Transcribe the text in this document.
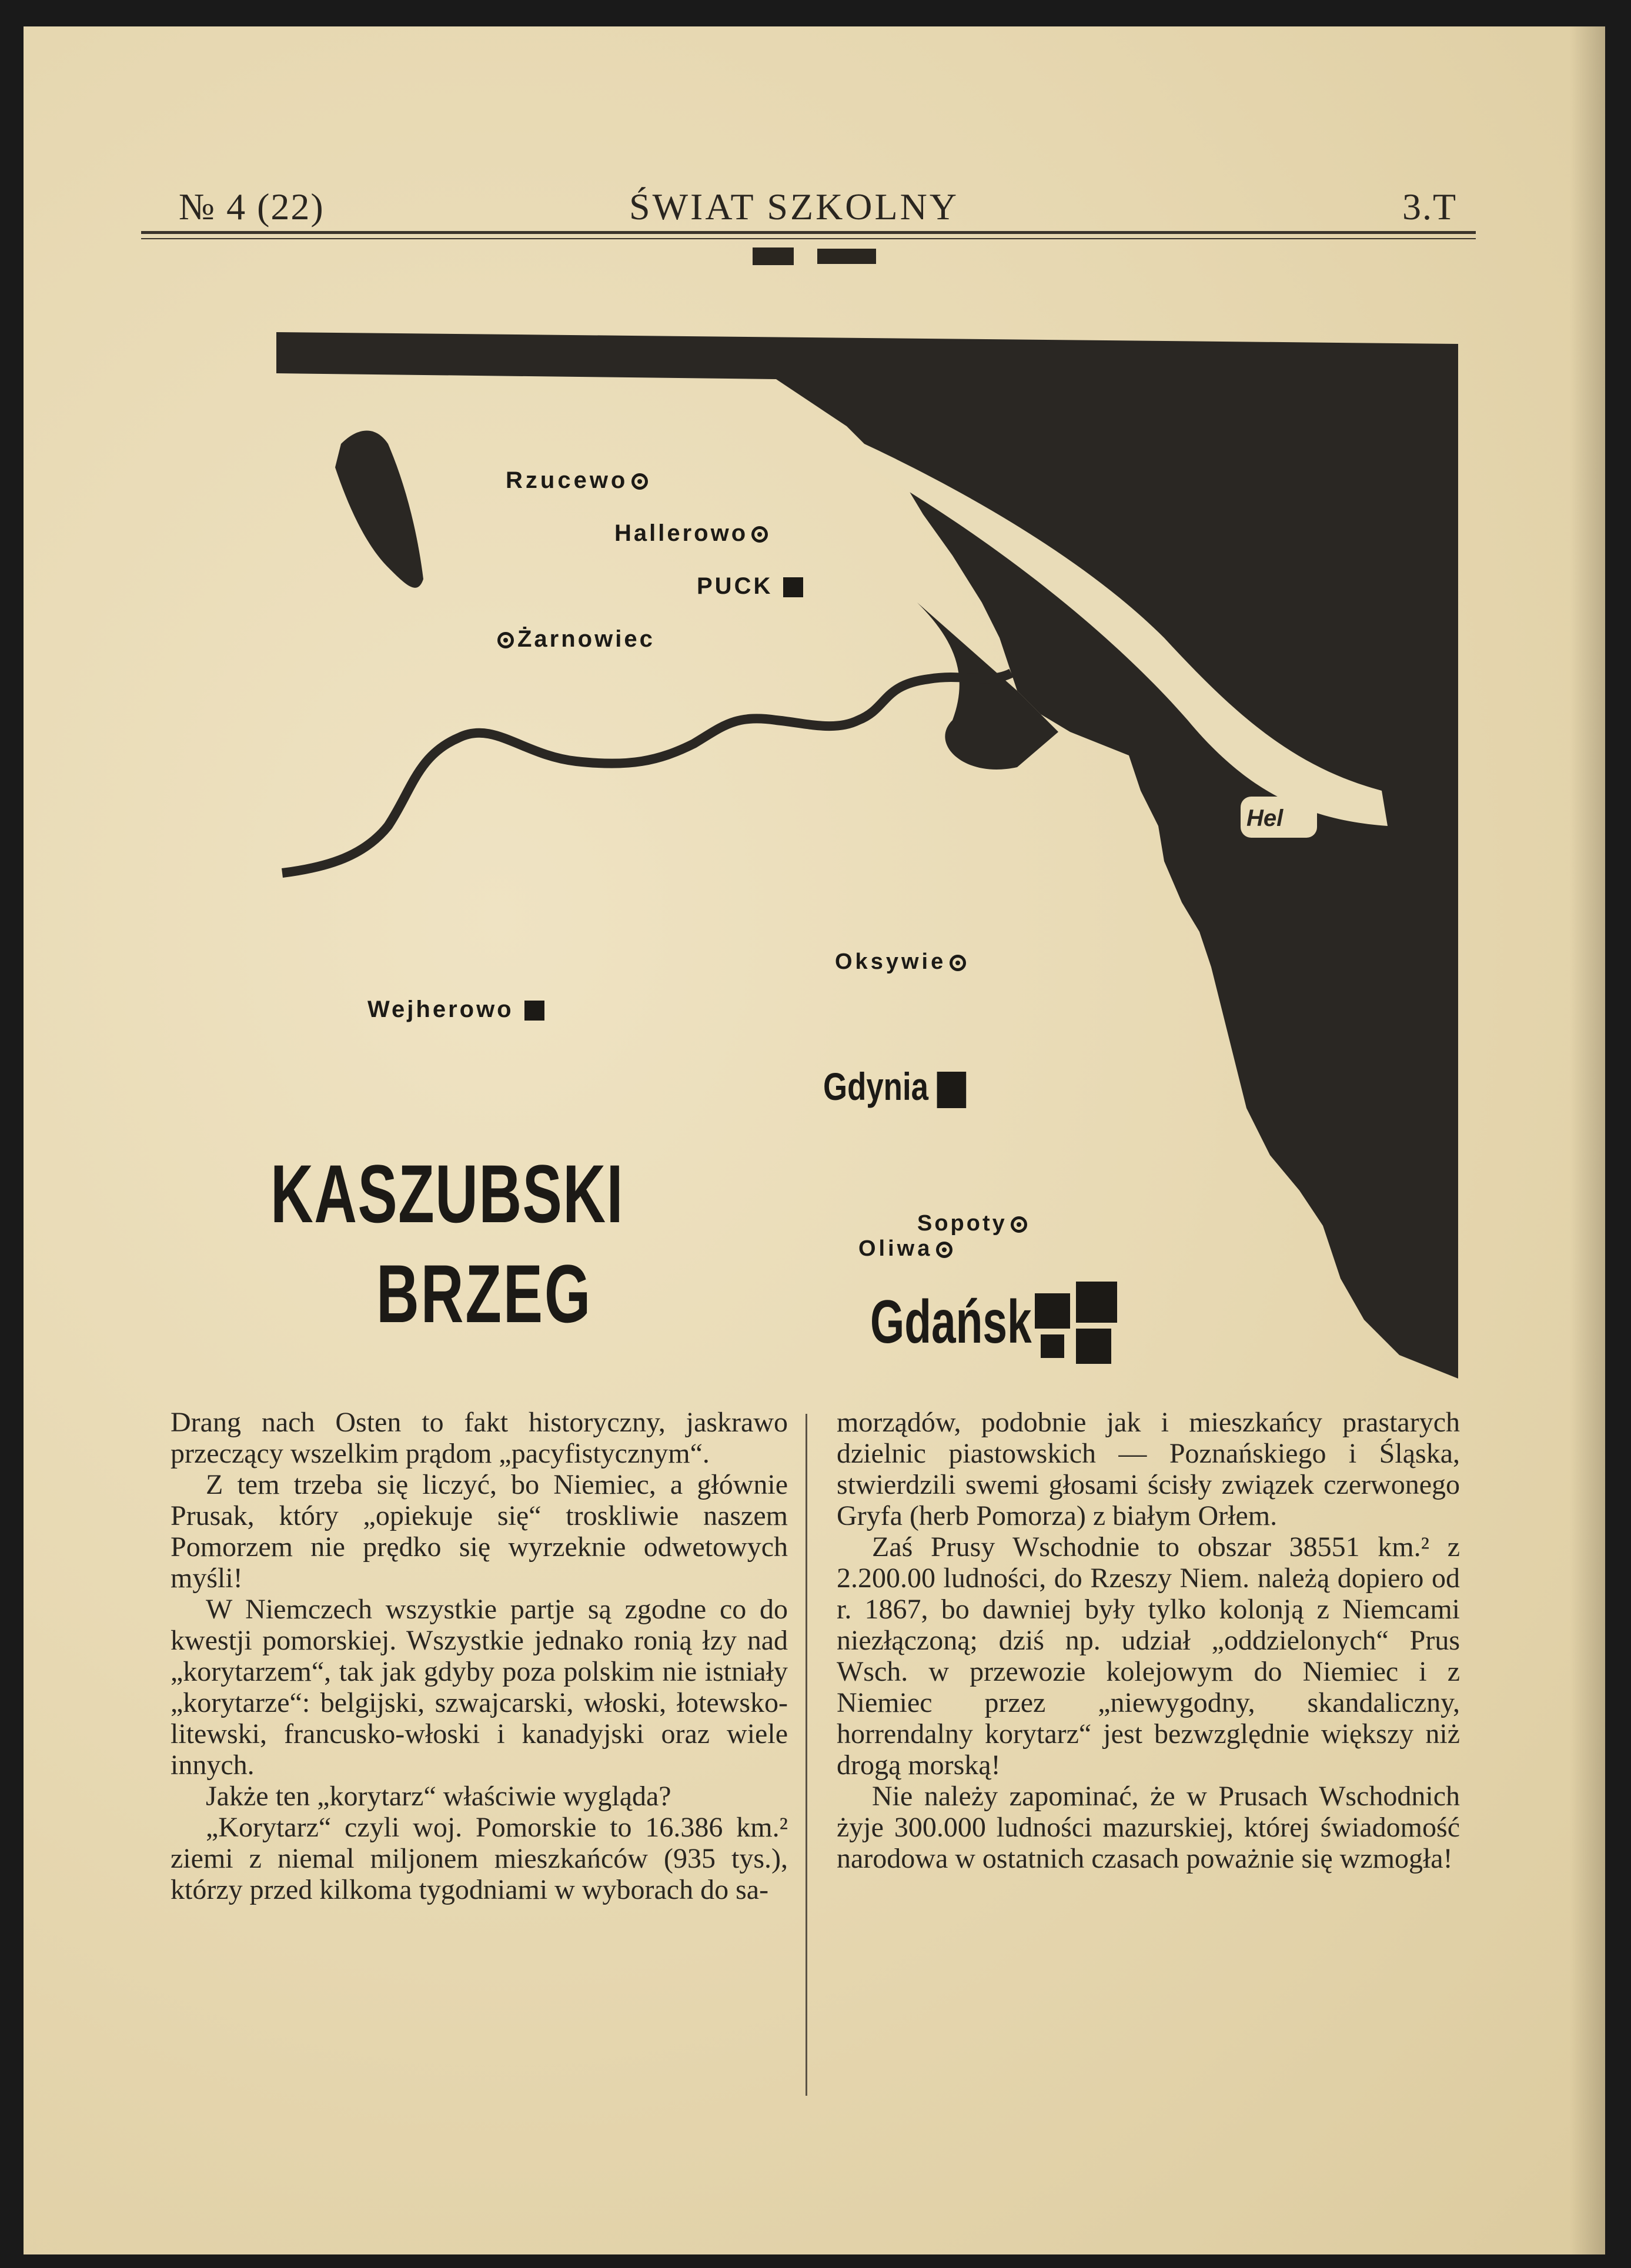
№ 4 (22)	ŚWIAT SZKOLNY	3.T
Rzucewo
Hallerowo
PUCK
Żarnowiec
Hel
Oksywie
Wejherowo
Gdynia
Sopoty
Oliwa
Gdańsk
KASZUBSKI
BRZEG

Drang nach Osten to fakt historyczny, jaskrawo przeczący wszelkim prądom „pacyfistycznym“.

Z tem trzeba się liczyć, bo Niemiec, a głównie Prusak, który „opiekuje się“ troskliwie naszem Pomorzem nie prędko się wyrzeknie odwetowych myśli!

W Niemczech wszystkie partje są zgodne co do kwestji pomorskiej. Wszystkie jednako ronią łzy nad „korytarzem“, tak jak gdyby poza polskim nie istniały „korytarze“: belgijski, szwajcarski, włoski, łotewsko-litewski, francusko-włoski i kanadyjski oraz wiele innych.

Jakże ten „korytarz“ właściwie wygląda?

„Korytarz“ czyli woj. Pomorskie to 16.386 km.² ziemi z niemal miljonem mieszkańców (935 tys.), którzy przed kilkoma tygodniami w wyborach do sa-

morządów, podobnie jak i mieszkańcy prastarych dzielnic piastowskich — Poznańskiego i Śląska, stwierdzili swemi głosami ścisły związek czerwonego Gryfa (herb Pomorza) z białym Orłem.

Zaś Prusy Wschodnie to obszar 38551 km.² z 2.200.00 ludności, do Rzeszy Niem. należą dopiero od r. 1867, bo dawniej były tylko kolonją z Niemcami niezłączoną; dziś np. udział „oddzielonych“ Prus Wsch. w przewozie kolejowym do Niemiec i z Niemiec przez „niewygodny, skandaliczny, horrendalny korytarz“ jest bezwzględnie większy niż drogą morską!

Nie należy zapominać, że w Prusach Wschodnich żyje 300.000 ludności mazurskiej, której świadomość narodowa w ostatnich czasach poważnie się wzmogła!
